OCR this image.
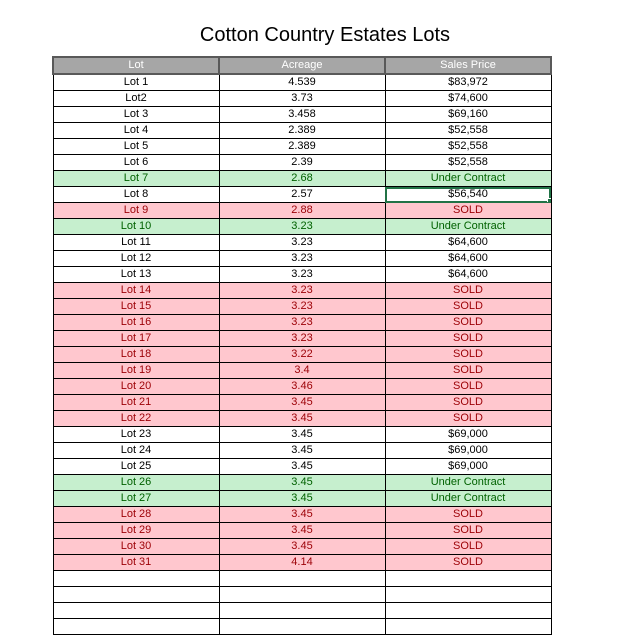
Cotton Country Estates Lots
Lot	Acreage	Sales Price
Lot 1	4.539	$83,972
Lot2	3.73	$74,600
Lot 3	3.458	$69,160
Lot 4	2.389	$52,558
Lot 5	2.389	$52,558
Lot 6	2.39	$52,558
Lot 7	2.68	Under Contract
Lot 8	2.57	$56,540
Lot 9	2.88	SOLD
Lot 10	3.23	Under Contract
Lot 11	3.23	$64,600
Lot 12	3.23	$64,600
Lot 13	3.23	$64,600
Lot 14	3.23	SOLD
Lot 15	3.23	SOLD
Lot 16	3.23	SOLD
Lot 17	3.23	SOLD
Lot 18	3.22	SOLD
Lot 19	3.4	SOLD
Lot 20	3.46	SOLD
Lot 21	3.45	SOLD
Lot 22	3.45	SOLD
Lot 23	3.45	$69,000
Lot 24	3.45	$69,000
Lot 25	3.45	$69,000
Lot 26	3.45	Under Contract
Lot 27	3.45	Under Contract
Lot 28	3.45	SOLD
Lot 29	3.45	SOLD
Lot 30	3.45	SOLD
Lot 31	4.14	SOLD
